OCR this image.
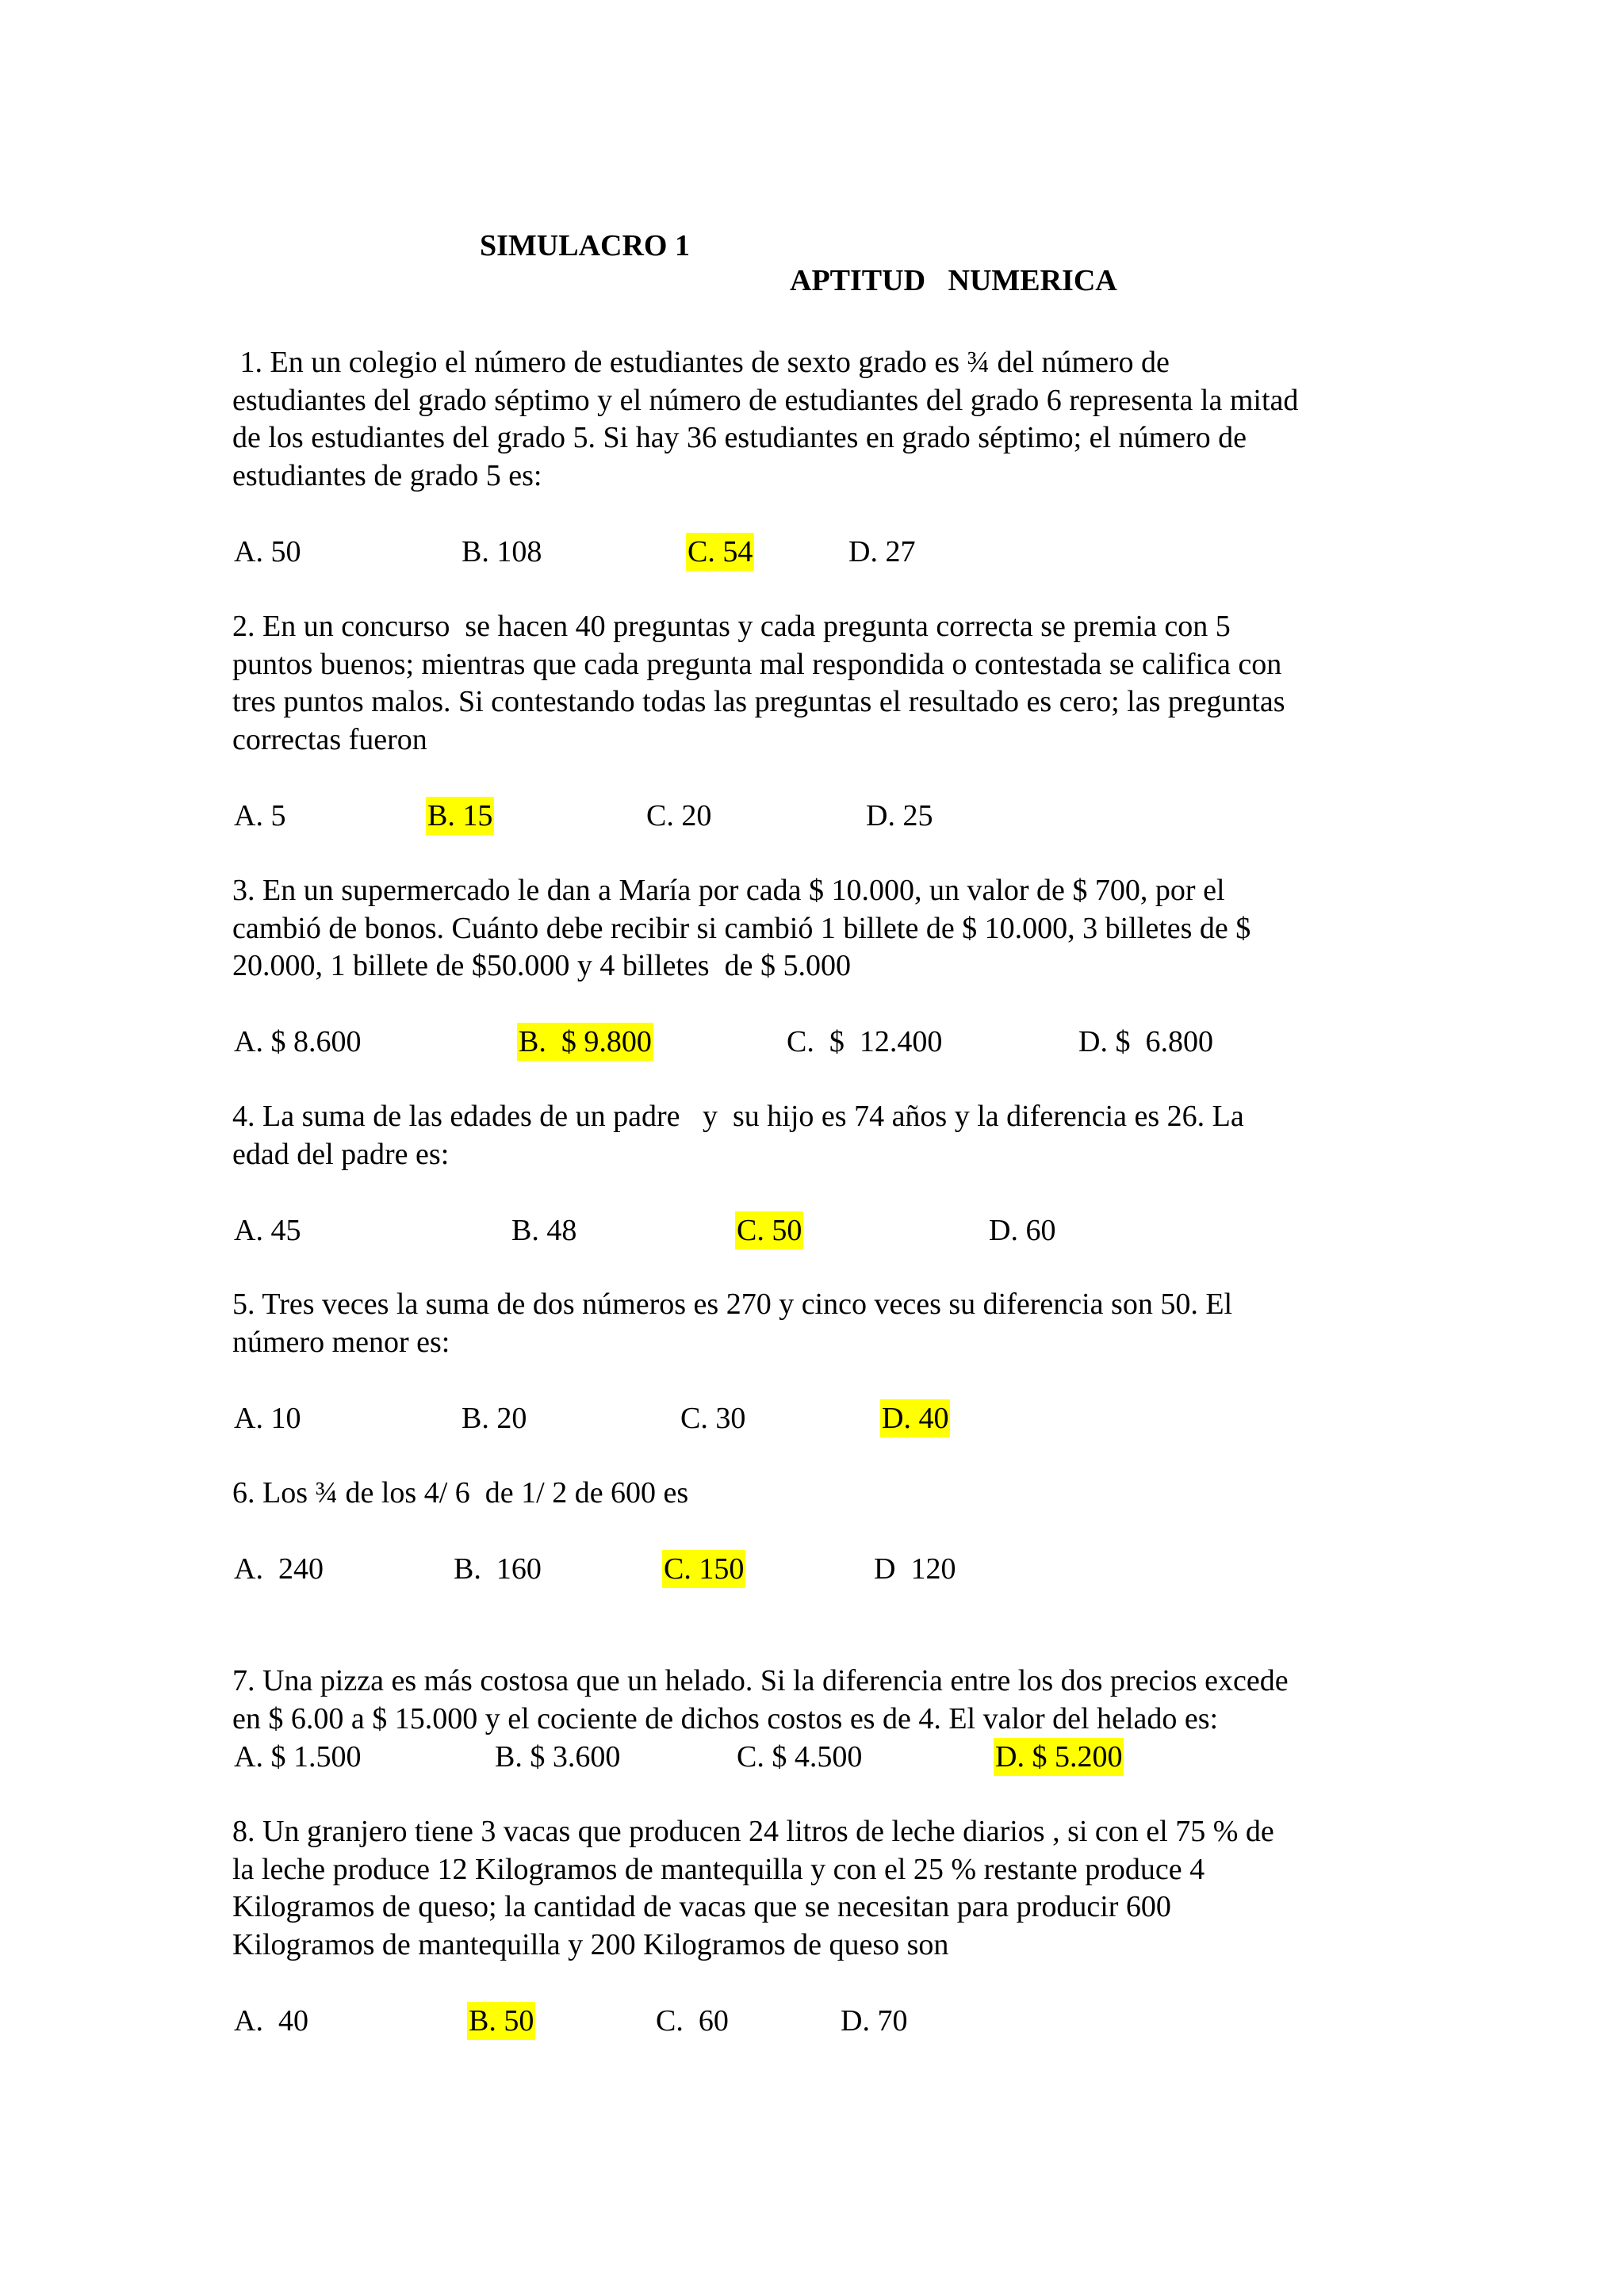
SIMULACRO 1

APTITUD   NUMERICA

1. En un colegio el número de estudiantes de sexto grado es ¾ del número de
estudiantes del grado séptimo y el número de estudiantes del grado 6 representa la mitad
de los estudiantes del grado 5. Si hay 36 estudiantes en grado séptimo; el número de
estudiantes de grado 5 es:
A. 50	B. 108	C. 54	D. 27
2. En un concurso  se hacen 40 preguntas y cada pregunta correcta se premia con 5
puntos buenos; mientras que cada pregunta mal respondida o contestada se califica con
tres puntos malos. Si contestando todas las preguntas el resultado es cero; las preguntas
correctas fueron
A. 5	B. 15	C. 20	D. 25
3. En un supermercado le dan a María por cada $ 10.000, un valor de $ 700, por el
cambió de bonos. Cuánto debe recibir si cambió 1 billete de $ 10.000, 3 billetes de $
20.000, 1 billete de $50.000 y 4 billetes  de $ 5.000
A. $ 8.600	B.  $ 9.800	C.  $  12.400	D. $  6.800
4. La suma de las edades de un padre   y  su hijo es 74 años y la diferencia es 26. La
edad del padre es:
A. 45	B. 48	C. 50	D. 60
5. Tres veces la suma de dos números es 270 y cinco veces su diferencia son 50. El
número menor es:
A. 10	B. 20	C. 30	D. 40
6. Los ¾ de los 4/ 6  de 1/ 2 de 600 es
A.  240	B.  160	C. 150	D  120
7. Una pizza es más costosa que un helado. Si la diferencia entre los dos precios excede
en $ 6.00 a $ 15.000 y el cociente de dichos costos es de 4. El valor del helado es:
A. $ 1.500	B. $ 3.600	C. $ 4.500	D. $ 5.200
8. Un granjero tiene 3 vacas que producen 24 litros de leche diarios , si con el 75 % de
la leche produce 12 Kilogramos de mantequilla y con el 25 % restante produce 4
Kilogramos de queso; la cantidad de vacas que se necesitan para producir 600
Kilogramos de mantequilla y 200 Kilogramos de queso son
A.  40	B. 50	C.  60	D. 70
